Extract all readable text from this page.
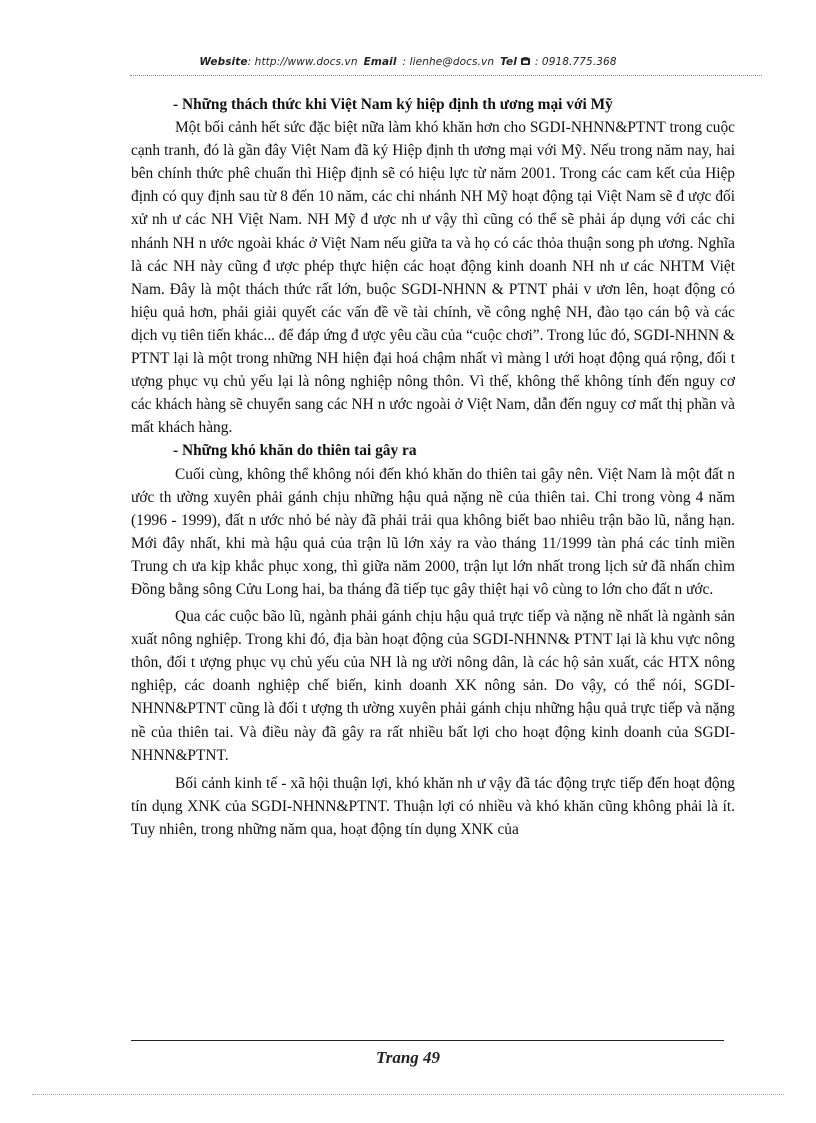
Website: http://www.docs.vn Email : lienhe@docs.vn Tel : 0918.775.368

- Những thách thức khi Việt Nam ký hiệp định th ương mại với Mỹ

Một bối cảnh hết sức đặc biệt nữa làm khó khăn hơn cho SGDI-NHNN&PTNT trong cuộc cạnh tranh, đó là gần đây Việt Nam đã ký Hiệp định th ương mại với Mỹ. Nếu trong năm nay, hai bên chính thức phê chuẩn thì Hiệp định sẽ có hiệu lực từ năm 2001. Trong các cam kết của Hiệp định có quy định sau từ 8 đến 10 năm, các chi nhánh NH Mỹ hoạt động tại Việt Nam sẽ đ ược đối xử nh ư các NH Việt Nam. NH Mỹ đ ược nh ư vậy thì cũng có thể sẽ phải áp dụng với các chi nhánh NH n ước ngoài khác ở Việt Nam nếu giữa ta và họ có các thỏa thuận song ph ương. Nghĩa là các NH này cũng đ ược phép thực hiện các hoạt động kinh doanh NH nh ư các NHTM Việt Nam. Đây là một thách thức rất lớn, buộc SGDI-NHNN & PTNT phải v ươn lên, hoạt động có hiệu quả hơn, phải giải quyết các vấn đề về tài chính, về công nghệ NH, đào tạo cán bộ và các dịch vụ tiên tiến khác... để đáp ứng đ ược yêu cầu của “cuộc chơi”. Trong lúc đó, SGDI-NHNN & PTNT lại là một trong những NH hiện đại hoá chậm nhất vì màng l ưới hoạt động quá rộng, đối t ượng phục vụ chủ yếu lại là nông nghiệp nông thôn. Vì thế, không thể không tính đến nguy cơ các khách hàng sẽ chuyển sang các NH n ước ngoài ở Việt Nam, dẫn đến nguy cơ mất thị phần và mất khách hàng.

- Những khó khăn do thiên tai gây ra

Cuối cùng, không thể không nói đến khó khăn do thiên tai gây nên. Việt Nam là một đất n ước th ường xuyên phải gánh chịu những hậu quả nặng nề của thiên tai. Chỉ trong vòng 4 năm (1996 - 1999), đất n ước nhỏ bé này đã phải trải qua không biết bao nhiêu trận bão lũ, nắng hạn. Mới đây nhất, khi mà hậu quả của trận lũ lớn xảy ra vào tháng 11/1999 tàn phá các tỉnh miền Trung ch ưa kịp khắc phục xong, thì giữa năm 2000, trận lụt lớn nhất trong lịch sử đã nhấn chìm Đồng bằng sông Cửu Long hai, ba tháng đã tiếp tục gây thiệt hại vô cùng to lớn cho đất n ước.

Qua các cuộc bão lũ, ngành phải gánh chịu hậu quả trực tiếp và nặng nề nhất là ngành sản xuất nông nghiệp. Trong khi đó, địa bàn hoạt động của SGDI-NHNN& PTNT lại là khu vực nông thôn, đối t ượng phục vụ chủ yếu của NH là ng ười nông dân, là các hộ sản xuất, các HTX nông nghiệp, các doanh nghiệp chế biến, kinh doanh XK nông sản. Do vậy, có thể nói, SGDI-NHNN&PTNT cũng là đối t ượng th ường xuyên phải gánh chịu những hậu quả trực tiếp và nặng nề của thiên tai. Và điều này đã gây ra rất nhiều bất lợi cho hoạt động kinh doanh của SGDI-NHNN&PTNT.

Bối cảnh kinh tế - xã hội thuận lợi, khó khăn nh ư vậy đã tác động trực tiếp đến hoạt động tín dụng XNK của SGDI-NHNN&PTNT. Thuận lợi có nhiều và khó khăn cũng không phải là ít. Tuy nhiên, trong những năm qua, hoạt động tín dụng XNK của

Trang 49
